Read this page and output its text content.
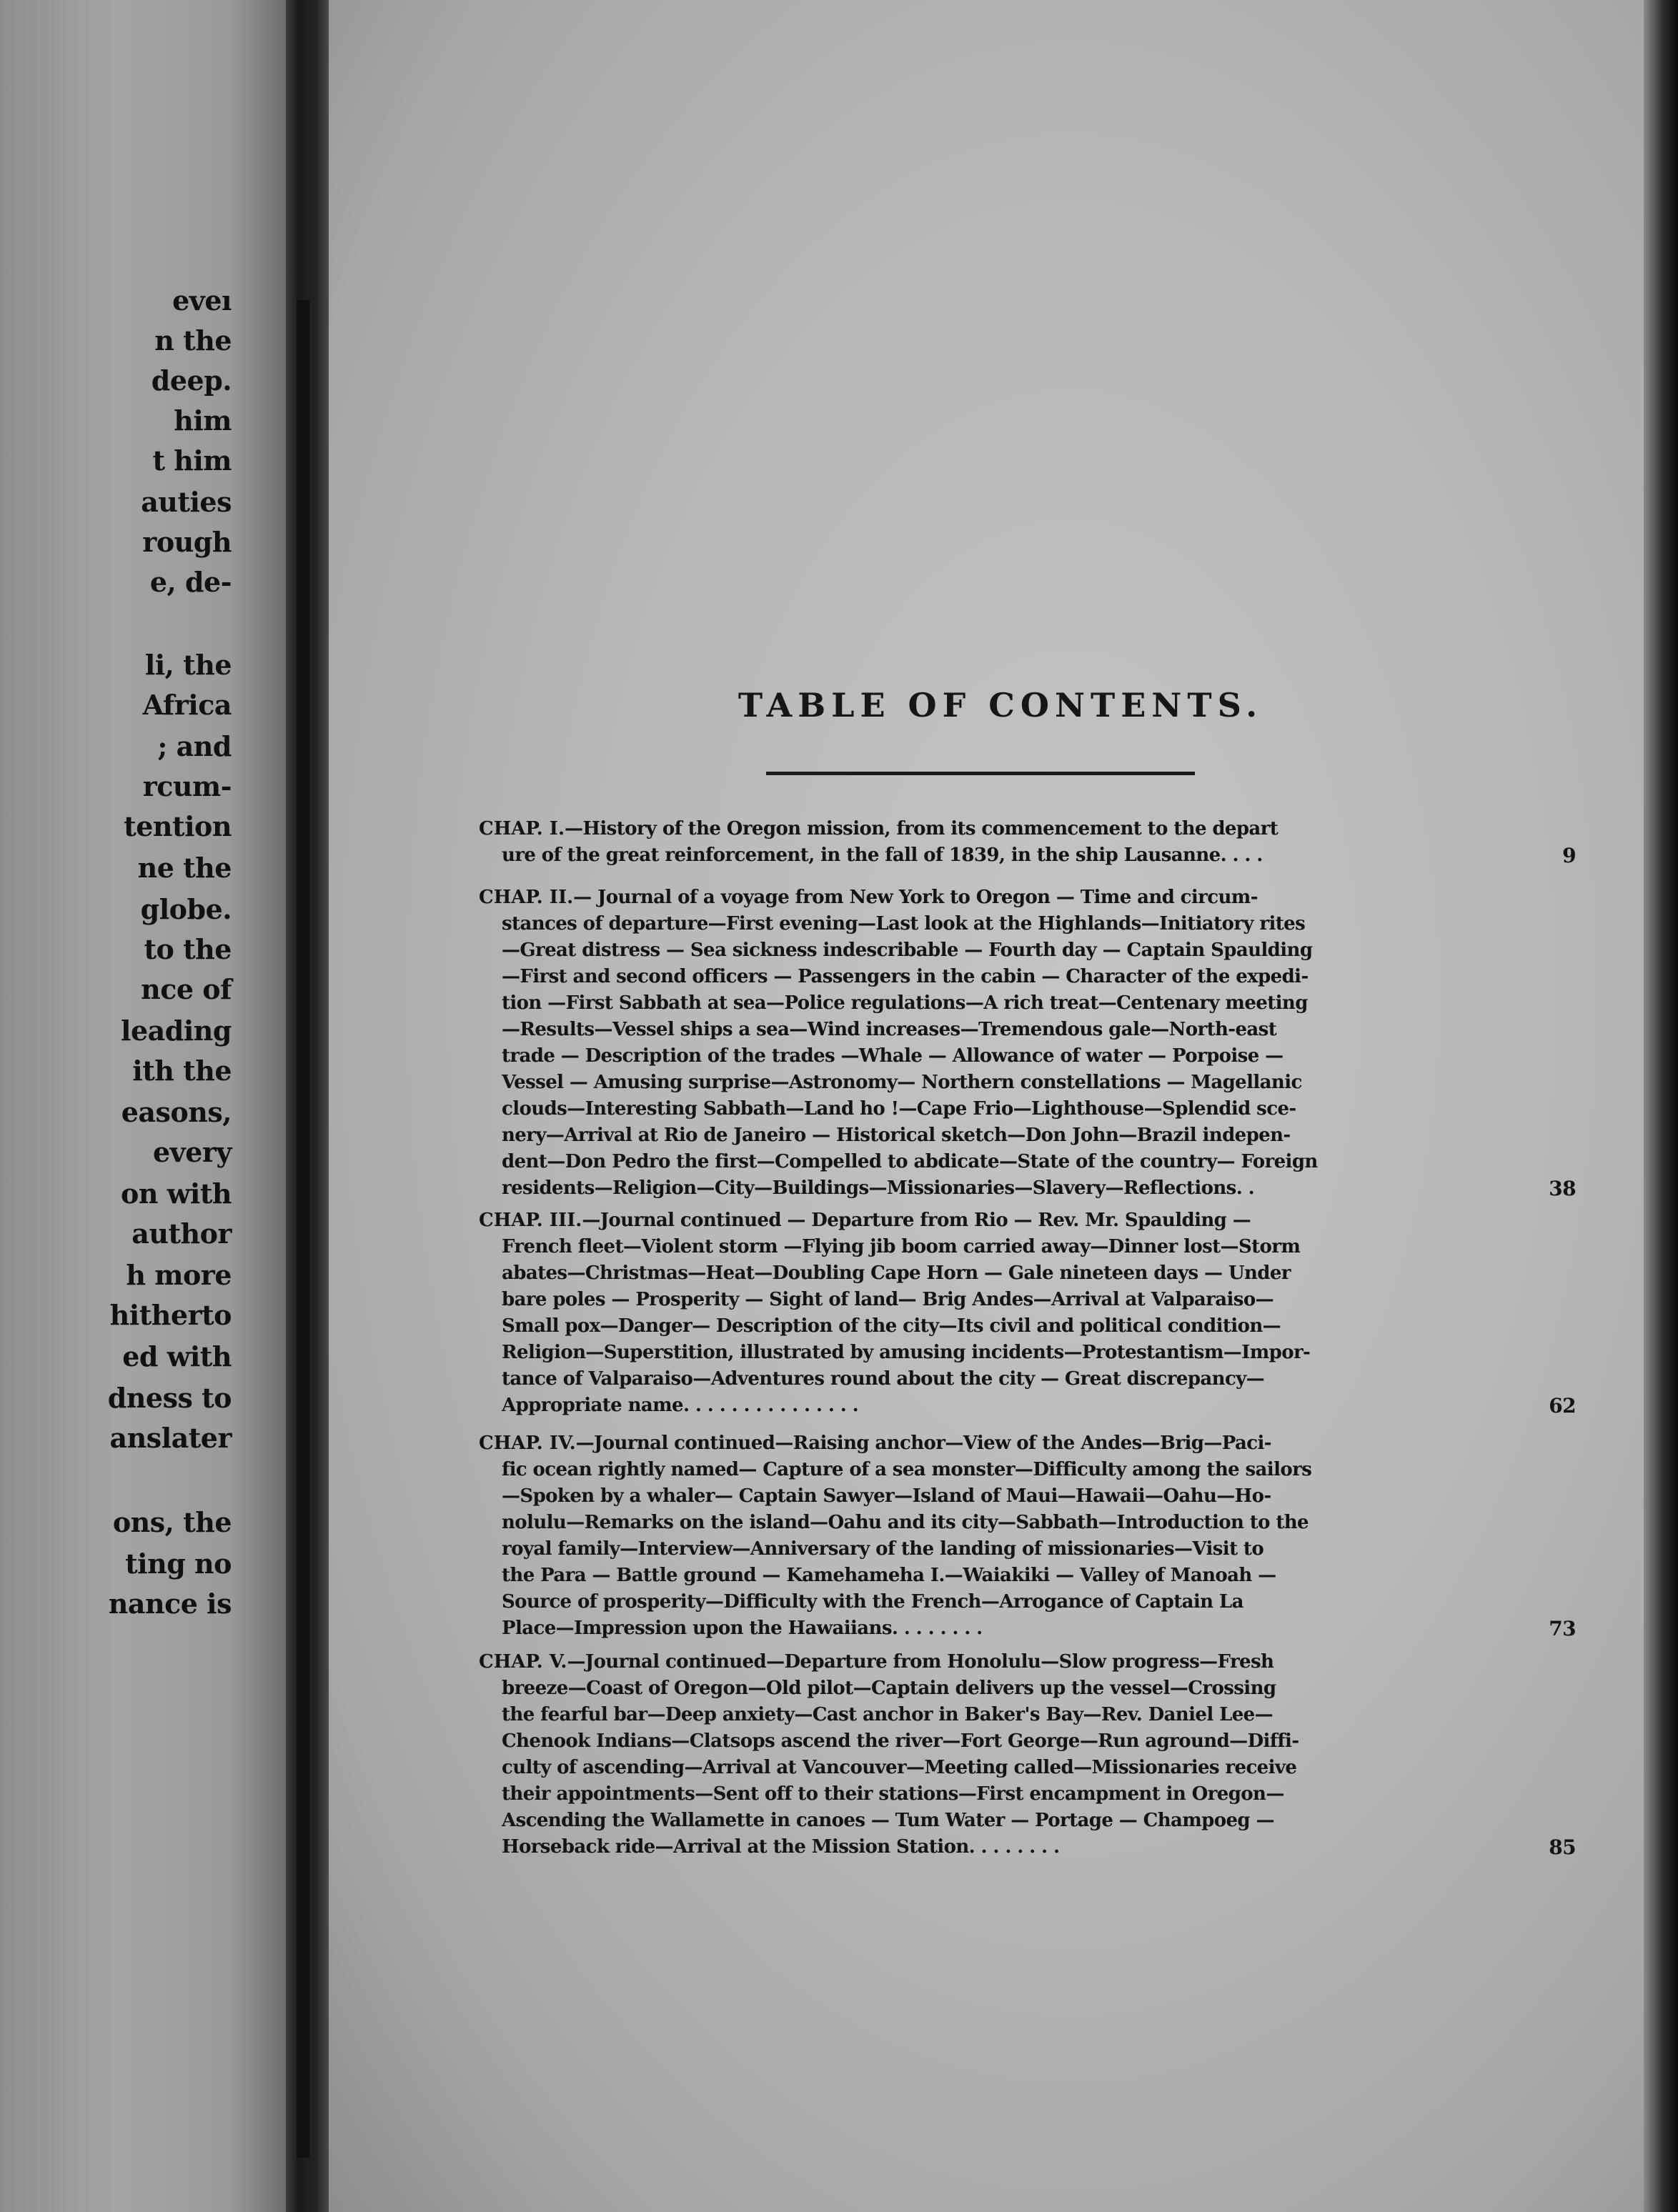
eveı
n the
deep.
him
t him
auties
rough
e, de-
li, the
Africa
; and
rcum-
tention
ne the
globe.
to the
nce of
leading
ith the
easons,
every
on with
author
h more
hitherto
ed with
dness to
anslater
ons, the
ting no
nance is
TABLE OF CONTENTS.
CHAP. I.—History of the Oregon mission, from its commencement to the depart
ure of the great reinforcement, in the fall of 1839, in the ship Lausanne. . . .	9
CHAP. II.— Journal of a voyage from New York to Oregon — Time and circum-
stances of departure—First evening—Last look at the Highlands—Initiatory rites
—Great distress — Sea sickness indescribable — Fourth day — Captain Spaulding
—First and second officers — Passengers in the cabin — Character of the expedi-
tion —First Sabbath at sea—Police regulations—A rich treat—Centenary meeting
—Results—Vessel ships a sea—Wind increases—Tremendous gale—North-east
trade — Description of the trades —Whale — Allowance of water — Porpoise —
Vessel — Amusing surprise—Astronomy— Northern constellations — Magellanic
clouds—Interesting Sabbath—Land ho !—Cape Frio—Lighthouse—Splendid sce-
nery—Arrival at Rio de Janeiro — Historical sketch—Don John—Brazil indepen-
dent—Don Pedro the first—Compelled to abdicate—State of the country— Foreign
residents—Religion—City—Buildings—Missionaries—Slavery—Reflections. .	38
CHAP. III.—Journal continued — Departure from Rio — Rev. Mr. Spaulding —
French fleet—Violent storm —Flying jib boom carried away—Dinner lost—Storm
abates—Christmas—Heat—Doubling Cape Horn — Gale nineteen days — Under
bare poles — Prosperity — Sight of land— Brig Andes—Arrival at Valparaiso—
Small pox—Danger— Description of the city—Its civil and political condition—
Religion—Superstition, illustrated by amusing incidents—Protestantism—Impor-
tance of Valparaiso—Adventures round about the city — Great discrepancy—
Appropriate name. . . . . . . . . . . . . . .	62
CHAP. IV.—Journal continued—Raising anchor—View of the Andes—Brig—Paci-
fic ocean rightly named— Capture of a sea monster—Difficulty among the sailors
—Spoken by a whaler— Captain Sawyer—Island of Maui—Hawaii—Oahu—Ho-
nolulu—Remarks on the island—Oahu and its city—Sabbath—Introduction to the
royal family—Interview—Anniversary of the landing of missionaries—Visit to
the Para — Battle ground — Kamehameha I.—Waiakiki — Valley of Manoah —
Source of prosperity—Difficulty with the French—Arrogance of Captain La
Place—Impression upon the Hawaiians. . . . . . . .	73
CHAP. V.—Journal continued—Departure from Honolulu—Slow progress—Fresh
breeze—Coast of Oregon—Old pilot—Captain delivers up the vessel—Crossing
the fearful bar—Deep anxiety—Cast anchor in Baker's Bay—Rev. Daniel Lee—
Chenook Indians—Clatsops ascend the river—Fort George—Run aground—Diffi-
culty of ascending—Arrival at Vancouver—Meeting called—Missionaries receive
their appointments—Sent off to their stations—First encampment in Oregon—
Ascending the Wallamette in canoes — Tum Water — Portage — Champoeg —
Horseback ride—Arrival at the Mission Station. . . . . . . .	85
